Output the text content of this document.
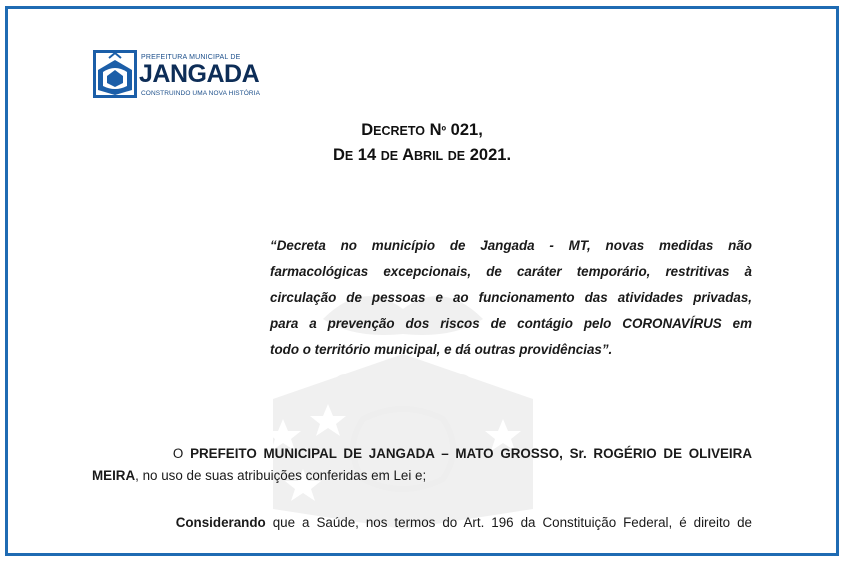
PREFEITURA MUNICIPAL DE
JANGADA
CONSTRUINDO UMA NOVA HISTÓRIA
DECRETO Nº 021,
DE 14 DE ABRIL DE 2021.
“Decreta no município de Jangada - MT, novas medidas não
farmacológicas excepcionais, de caráter temporário, restritivas à
circulação de pessoas e ao funcionamento das atividades privadas,
para a prevenção dos riscos de contágio pelo CORONAVÍRUS em
todo o território municipal, e dá outras providências”.
O PREFEITO MUNICIPAL DE JANGADA – MATO GROSSO, Sr. ROGÉRIO DE OLIVEIRA
MEIRA, no uso de suas atribuições conferidas em Lei e;
Considerando que a Saúde, nos termos do Art. 196 da Constituição Federal, é direito de
